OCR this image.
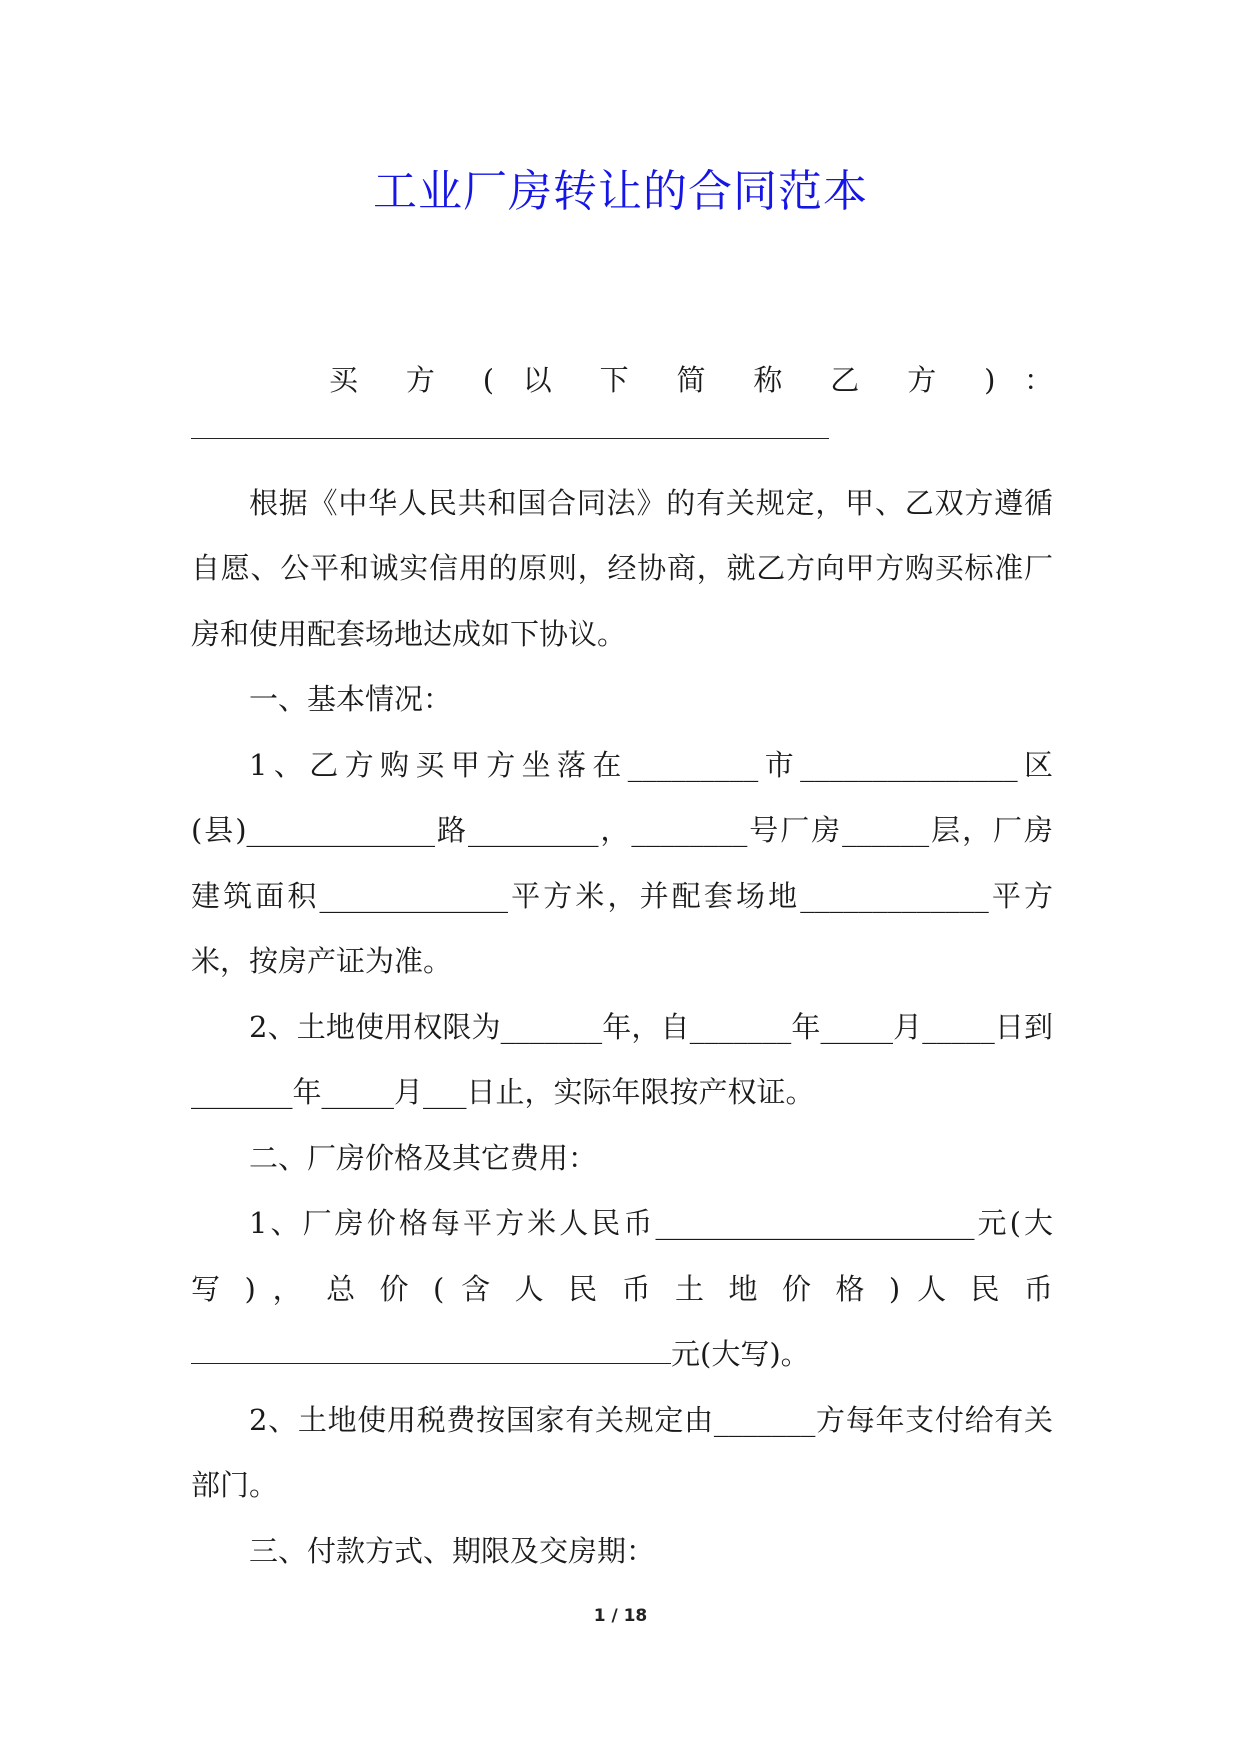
工业厂房转让的合同范本
买 方 ( 以 下 简 称 乙 方 ) ：

根据《中华人民共和国合同法》的有关规定，甲、乙双方遵循自愿、公平和诚实信用的原则，经协商，就乙方向甲方购买标准厂房和使用配套场地达成如下协议。

一、基本情况：

1、乙方购买甲方坐落在_________市_______________区(县)_____________路_________，________号厂房______层，厂房建筑面积_____________平方米，并配套场地_____________平方米，按房产证为准。

2、土地使用权限为_______年，自_______年_____月_____日到_______年_____月___日止，实际年限按产权证。

二、厂房价格及其它费用：

1、厂房价格每平方米人民币______________________元(大
写 ) ， 总 价 ( 含 人 民 币 土 地 价 格 ) 人 民 币
元(大写)。

2、土地使用税费按国家有关规定由_______方每年支付给有关部门。

三、付款方式、期限及交房期：

1 / 18
